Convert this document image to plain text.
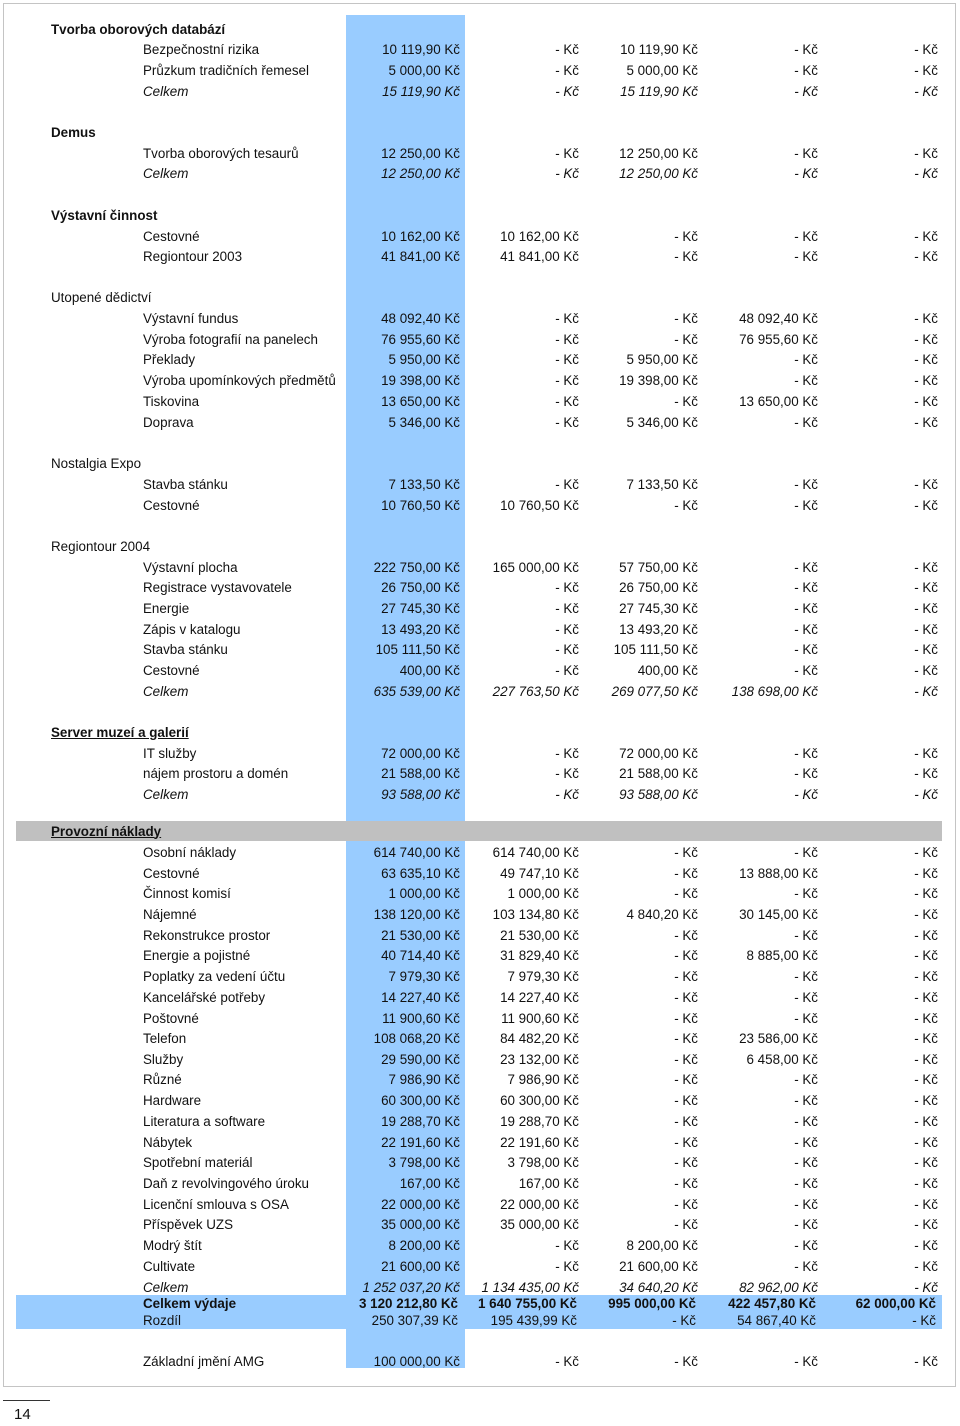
Tvorba oborových databází
Bezpečnostní rizika	10 119,90 Kč	- Kč	10 119,90 Kč	- Kč	- Kč
Průzkum tradičních řemesel	5 000,00 Kč	- Kč	5 000,00 Kč	- Kč	- Kč
Celkem	15 119,90 Kč	- Kč	15 119,90 Kč	- Kč	- Kč
Demus
Tvorba oborových tesaurů	12 250,00 Kč	- Kč	12 250,00 Kč	- Kč	- Kč
Celkem	12 250,00 Kč	- Kč	12 250,00 Kč	- Kč	- Kč
Výstavní činnost
Cestovné	10 162,00 Kč	10 162,00 Kč	- Kč	- Kč	- Kč
Regiontour 2003	41 841,00 Kč	41 841,00 Kč	- Kč	- Kč	- Kč
Utopené dědictví
Výstavní fundus	48 092,40 Kč	- Kč	- Kč	48 092,40 Kč	- Kč
Výroba fotografií na panelech	76 955,60 Kč	- Kč	- Kč	76 955,60 Kč	- Kč
Překlady	5 950,00 Kč	- Kč	5 950,00 Kč	- Kč	- Kč
Výroba upomínkových předmětů	19 398,00 Kč	- Kč	19 398,00 Kč	- Kč	- Kč
Tiskovina	13 650,00 Kč	- Kč	- Kč	13 650,00 Kč	- Kč
Doprava	5 346,00 Kč	- Kč	5 346,00 Kč	- Kč	- Kč
Nostalgia Expo
Stavba stánku	7 133,50 Kč	- Kč	7 133,50 Kč	- Kč	- Kč
Cestovné	10 760,50 Kč	10 760,50 Kč	- Kč	- Kč	- Kč
Regiontour 2004
Výstavní plocha	222 750,00 Kč 165 000,00 Kč	57 750,00 Kč	- Kč	- Kč
Registrace vystavovatele	26 750,00 Kč	- Kč	26 750,00 Kč	- Kč	- Kč
Energie	27 745,30 Kč	- Kč	27 745,30 Kč	- Kč	- Kč
Zápis v katalogu	13 493,20 Kč	- Kč	13 493,20 Kč	- Kč	- Kč
Stavba stánku	105 111,50 Kč	- Kč	105 111,50 Kč	- Kč	- Kč
Cestovné	400,00 Kč	- Kč	400,00 Kč	- Kč	- Kč
Celkem	635 539,00 Kč 227 763,50 Kč 269 077,50 Kč	138 698,00 Kč	- Kč
Server muzeí a galerií
IT služby	72 000,00 Kč	- Kč	72 000,00 Kč	- Kč	- Kč
nájem prostoru a domén	21 588,00 Kč	- Kč	21 588,00 Kč	- Kč	- Kč
Celkem	93 588,00 Kč	- Kč	93 588,00 Kč	- Kč	- Kč
Provozní náklady
Osobní náklady	614 740,00 Kč 614 740,00 Kč	- Kč	- Kč	- Kč
Cestovné	63 635,10 Kč	49 747,10 Kč	- Kč	13 888,00 Kč	- Kč
Činnost komisí	1 000,00 Kč	1 000,00 Kč	- Kč	- Kč	- Kč
Nájemné	138 120,00 Kč 103 134,80 Kč	4 840,20 Kč	30 145,00 Kč	- Kč
Rekonstrukce prostor	21 530,00 Kč	21 530,00 Kč	- Kč	- Kč	- Kč
Energie a pojistné	40 714,40 Kč	31 829,40 Kč	- Kč	8 885,00 Kč	- Kč
Poplatky za vedení účtu	7 979,30 Kč	7 979,30 Kč	- Kč	- Kč	- Kč
Kancelářské potřeby	14 227,40 Kč	14 227,40 Kč	- Kč	- Kč	- Kč
Poštovné	11 900,60 Kč	11 900,60 Kč	- Kč	- Kč	- Kč
Telefon	108 068,20 Kč	84 482,20 Kč	- Kč	23 586,00 Kč	- Kč
Služby	29 590,00 Kč	23 132,00 Kč	- Kč	6 458,00 Kč	- Kč
Různé	7 986,90 Kč	7 986,90 Kč	- Kč	- Kč	- Kč
Hardware	60 300,00 Kč	60 300,00 Kč	- Kč	- Kč	- Kč
Literatura a software	19 288,70 Kč	19 288,70 Kč	- Kč	- Kč	- Kč
Nábytek	22 191,60 Kč	22 191,60 Kč	- Kč	- Kč	- Kč
Spotřební materiál	3 798,00 Kč	3 798,00 Kč	- Kč	- Kč	- Kč
Daň z revolvingového úroku	167,00 Kč	167,00 Kč	- Kč	- Kč	- Kč
Licenční smlouva s OSA	22 000,00 Kč	22 000,00 Kč	- Kč	- Kč	- Kč
Příspěvek UZS	35 000,00 Kč	35 000,00 Kč	- Kč	- Kč	- Kč
Modrý štít	8 200,00 Kč	- Kč	8 200,00 Kč	- Kč	- Kč
Cultivate	21 600,00 Kč	- Kč	21 600,00 Kč	- Kč	- Kč
Celkem	1 252 037,20 Kč 1 134 435,00 Kč	34 640,20 Kč	82 962,00 Kč	- Kč
Celkem výdaje	3 120 212,80 Kč 1 640 755,00 Kč 995 000,00 Kč 422 457,80 Kč	62 000,00 Kč
Rozdíl	250 307,39 Kč 195 439,99 Kč	- Kč	54 867,40 Kč	- Kč
Základní jmění AMG	100 000,00 Kč	- Kč	- Kč	- Kč	- Kč
14
